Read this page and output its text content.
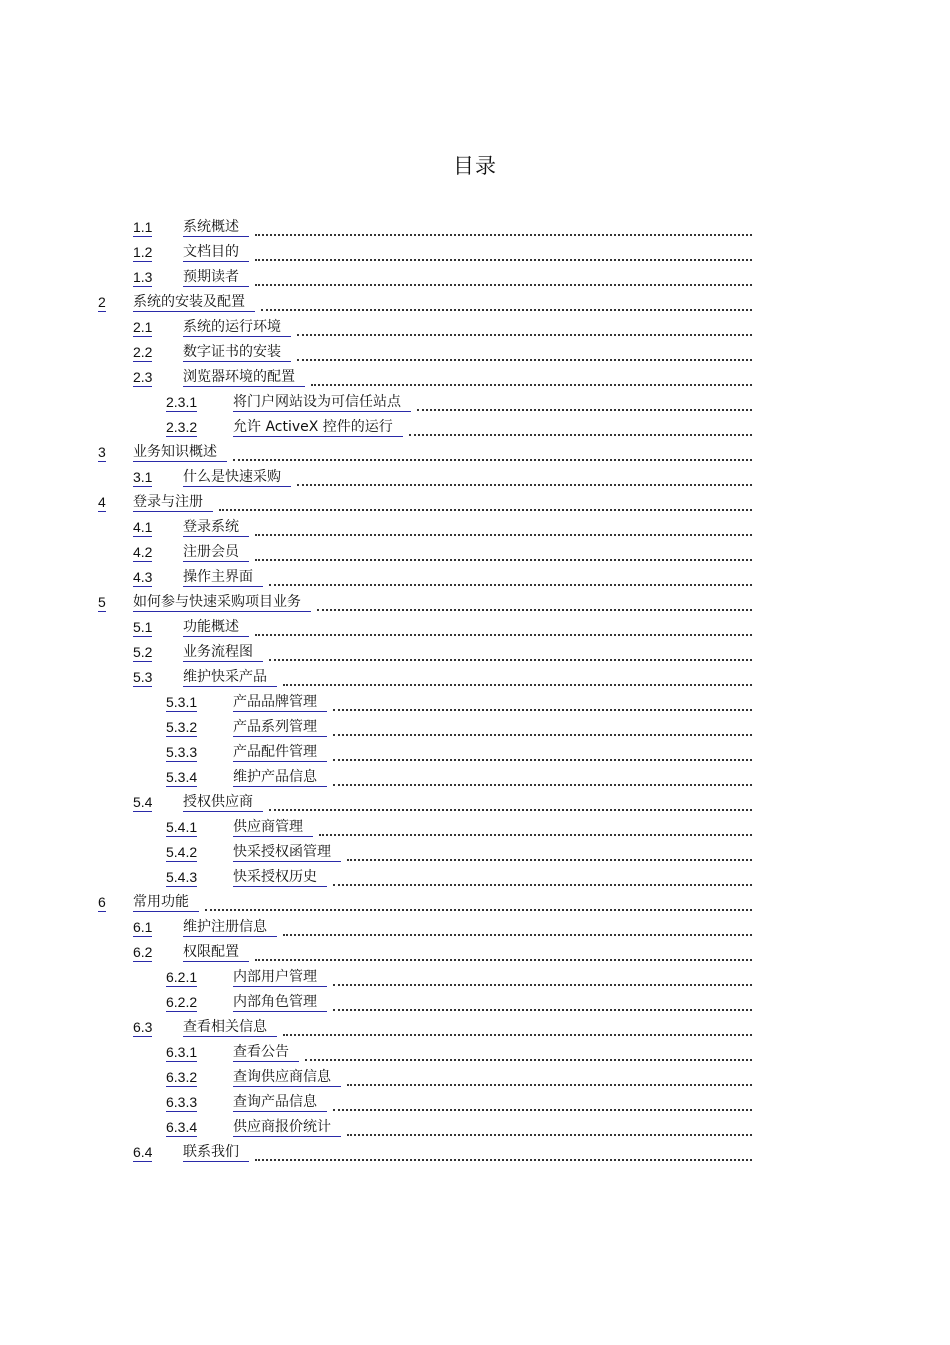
目录
1.1 系统概述
1.2 文档目的
1.3 预期读者
2 系统的安装及配置
2.1 系统的运行环境
2.2 数字证书的安装
2.3 浏览器环境的配置
2.3.1	将门户网站设为可信任站点
2.3.2	允许 ActiveX 控件的运行
3 业务知识概述
3.1 什么是快速采购
4 登录与注册
4.1 登录系统
4.2 注册会员
4.3 操作主界面
5 如何参与快速采购项目业务
5.1 功能概述
5.2 业务流程图
5.3 维护快采产品
5.3.1	产品品牌管理
5.3.2	产品系列管理
5.3.3	产品配件管理
5.3.4	维护产品信息
5.4 授权供应商
5.4.1	供应商管理
5.4.2	快采授权函管理
5.4.3	快采授权历史
6 常用功能
6.1 维护注册信息
6.2 权限配置
6.2.1	内部用户管理
6.2.2	内部角色管理
6.3 查看相关信息
6.3.1	查看公告
6.3.2	查询供应商信息
6.3.3	查询产品信息
6.3.4	供应商报价统计
6.4 联系我们
